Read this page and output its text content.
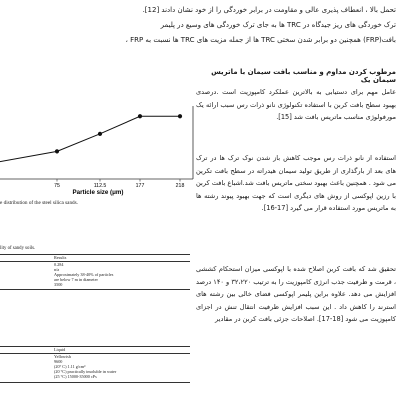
تحمل بالا ، انعطاف پذیری عالی و مقاومت در برابر خوردگی را از خود نشان دادند [12].
ترک خوردگی های ریز جیدگاه در TRC ها به جای ترک خوردگی های وسیع در پلیمر
بافت(FRP) همچنین دو برابر شدن سختی TRC ها از جمله مزیت های TRC ها نسبت به FRP ،
مرطوب کردن مداوم و مناسب بافت سیمان با ماتریس سیمان یک
عامل مهم برای دستیابی به بالاترین عملکرد کامپوزیت است .درصدی بهبود سطح بافت کربن با استفاده تکنولوژی نانو ذرات رس سبب ارائه یک مورفولوژی مناسب ماتریس بافت شد [15].
استفاده از نانو ذرات رس موجب کاهش باز شدن نوک ترک ها در ترک های بعد از بارگذاری از طریق تولید سیمان هیدراته در سطح بافت تکرین می شود . همچنین باعث بهبود سختی ماتریس بافت شد.اشباع بافت کربن با رزین اپوکسی از روش های دیگری است که جهت بهبود پیوند رشته ها به ماتریس مورد استفاده قرار می گیرد [17-16].
تحقیق شد که بافت کربن اصلاح شده با اپوکسی میزان استحکام کششی ، قرمت و ظرفیت جذب انرژی کامپوزیت را به ترتیب ۳۲،۲۲۰ و ۱۴۰ درصد افزایش می دهد. علاوه براین پلیمر اپوکسی فضای خالی بین رشته های استرند را کاهش داد . این سبب افزایش ظرفیت انتقال تنش در اجزای کامپوزیت می شود [18-17]. اصلاحات جزئی بافت کربن در مقادیر
75	112.5	177	218
Particle size (μm)
e distribution of the steel silica sands.
lity of sandy soils.
Results
0.284
n/a
Approximately 38-40% of particles
are below 7 m in diameter
3500
Liquid
Yellowish
9600
(20° C) 1.11 g/cm³
(20 °C) practically insoluble in water
(25 °C) 15000-35000 cPs
